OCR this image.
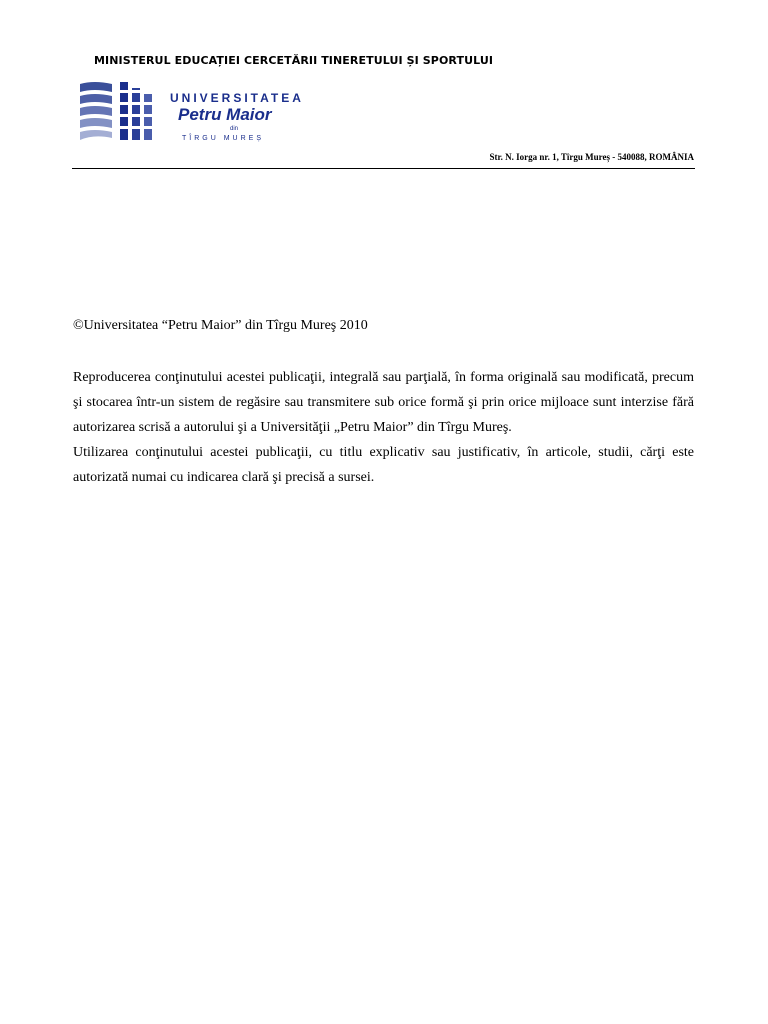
MINISTERUL EDUCAȚIEI CERCETĂRII TINERETULUI ȘI SPORTULUI
UNIVERSITATEA
Petru Maior
din
TÎRGU MUREȘ
Str. N. Iorga nr. 1, Tîrgu Mureș - 540088, ROMÂNIA
©Universitatea “Petru Maior” din Tîrgu Mureş 2010

Reproducerea conţinutului acestei publicaţii, integrală sau parţială, în forma originală sau modificată, precum şi stocarea într-un sistem de regăsire sau transmitere sub orice formă şi prin orice mijloace sunt interzise fără autorizarea scrisă a autorului şi a Universităţii „Petru Maior” din Tîrgu Mureş.

Utilizarea conţinutului acestei publicaţii, cu titlu explicativ sau justificativ, în articole, studii, cărţi este autorizată numai cu indicarea clară şi precisă a sursei.
